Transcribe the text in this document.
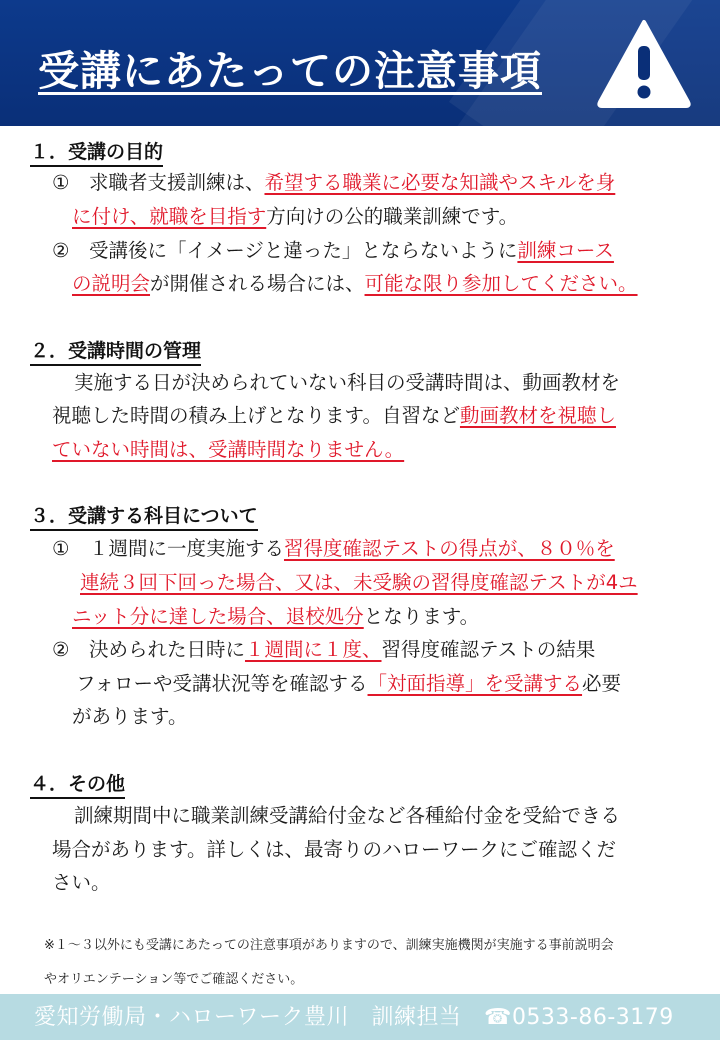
受講にあたっての注意事項
１．受講の目的
①　求職者支援訓練は、希望する職業に必要な知識やスキルを身
に付け、就職を目指す方向けの公的職業訓練です。
②　受講後に「イメージと違った」とならないように訓練コース
の説明会が開催される場合には、可能な限り参加してください。
２．受講時間の管理
実施する日が決められていない科目の受講時間は、動画教材を
視聴した時間の積み上げとなります。自習など動画教材を視聴し
ていない時間は、受講時間なりません。
３．受講する科目について
①　１週間に一度実施する習得度確認テストの得点が、８０％を
連続３回下回った場合、又は、未受験の習得度確認テストが4ユ
ニット分に達した場合、退校処分となります。
②　決められた日時に１週間に１度、習得度確認テストの結果
フォローや受講状況等を確認する「対面指導」を受講する必要
があります。
４．その他
訓練期間中に職業訓練受講給付金など各種給付金を受給できる
場合があります。詳しくは、最寄りのハローワークにご確認くだ
さい。
※１～３以外にも受講にあたっての注意事項がありますので、訓練実施機関が実施する事前説明会
やオリエンテーション等でご確認ください。
愛知労働局・ハローワーク豊川　訓練担当　 ☎0533-86-3179
